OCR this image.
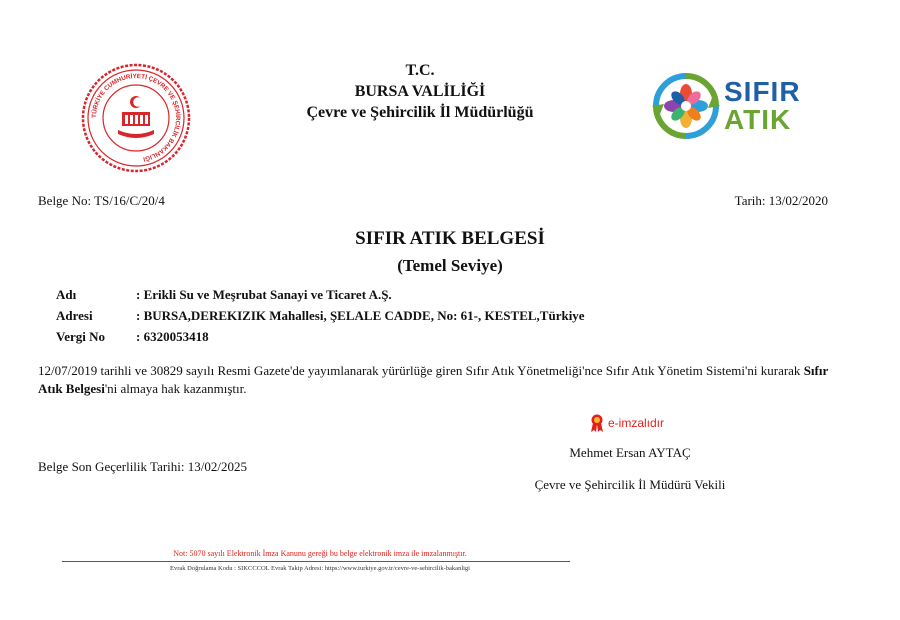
TÜRKİYE CUMHURİYETİ ÇEVRE VE ŞEHİRCİLİK BAKANLIĞI
T.C.
BURSA VALİLİĞİ
Çevre ve Şehircilik İl Müdürlüğü
SIFIR
ATIK
Belge No: TS/16/C/20/4	Tarih: 13/02/2020
SIFIR ATIK BELGESİ
(Temel Seviye)
Adı	: Erikli Su ve Meşrubat Sanayi ve Ticaret A.Ş.
Adresi	: BURSA,DEREKIZIK Mahallesi, ŞELALE CADDE, No: 61-, KESTEL,Türkiye
Vergi No	: 6320053418
12/07/2019 tarihli ve 30829 sayılı Resmi Gazete'de yayımlanarak yürürlüğe giren Sıfır Atık Yönetmeliği'nce Sıfır Atık Yönetim Sistemi'ni kurarak Sıfır Atık Belgesi'ni almaya hak kazanmıştır.
e-imzalıdır
Mehmet Ersan AYTAÇ
Çevre ve Şehircilik İl Müdürü Vekili
Belge Son Geçerlilik Tarihi: 13/02/2025
Not: 5070 sayılı Elektronik İmza Kanunu gereği bu belge elektronik imza ile imzalanmıştır.
Evrak Doğrulama Kodu : SIKCCCOL Evrak Takip Adresi: https://www.turkiye.gov.tr/cevre-ve-sehircilik-bakanligi
